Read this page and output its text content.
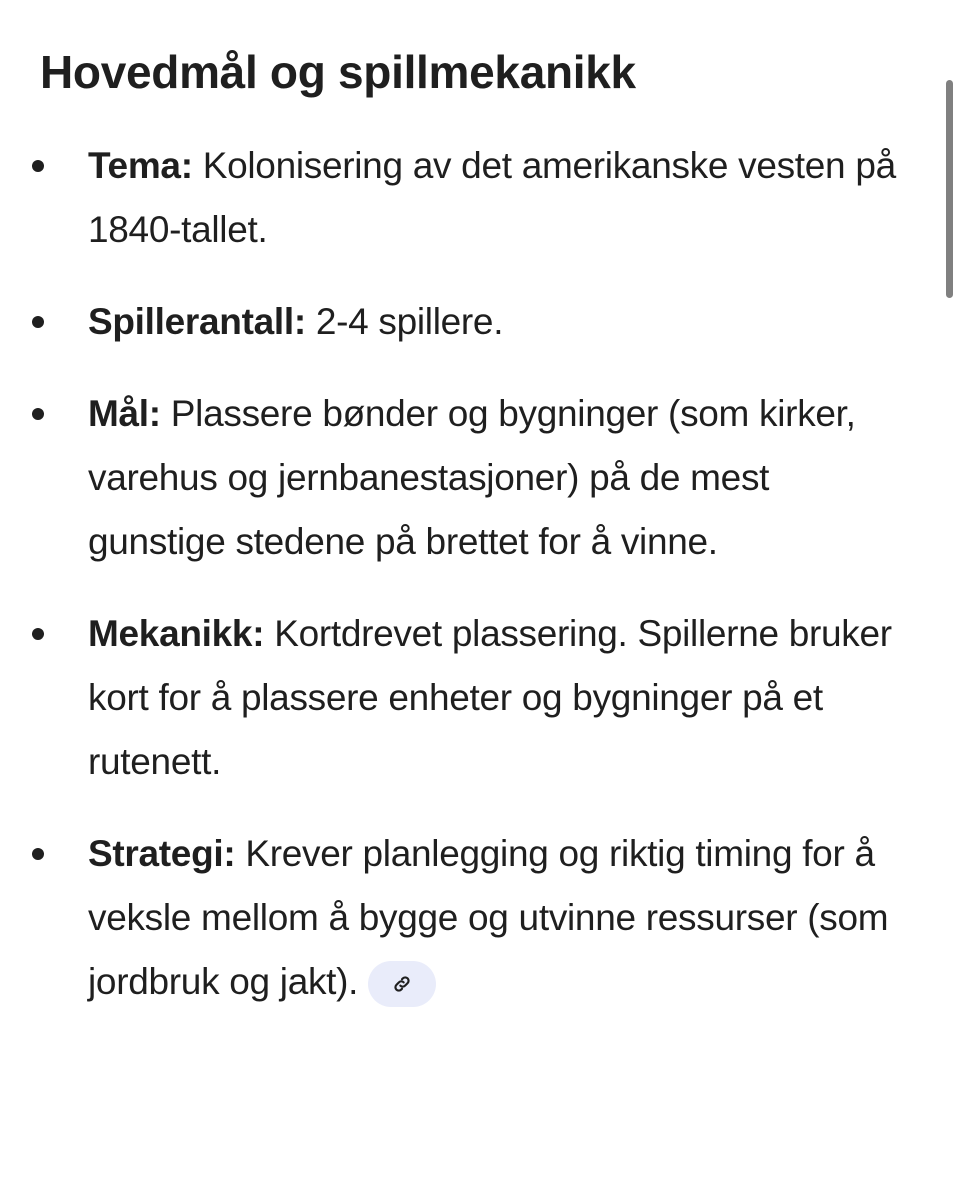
Hovedmål og spillmekanikk
Tema: Kolonisering av det amerikanske vesten på 1840-tallet.
Spillerantall: 2-4 spillere.
Mål: Plassere bønder og bygninger (som kirker, varehus og jernbanestasjoner) på de mest gunstige stedene på brettet for å vinne.
Mekanikk: Kortdrevet plassering. Spillerne bruker kort for å plassere enheter og bygninger på et rutenett.
Strategi: Krever planlegging og riktig timing for å veksle mellom å bygge og utvinne ressurser (som jordbruk og jakt).
